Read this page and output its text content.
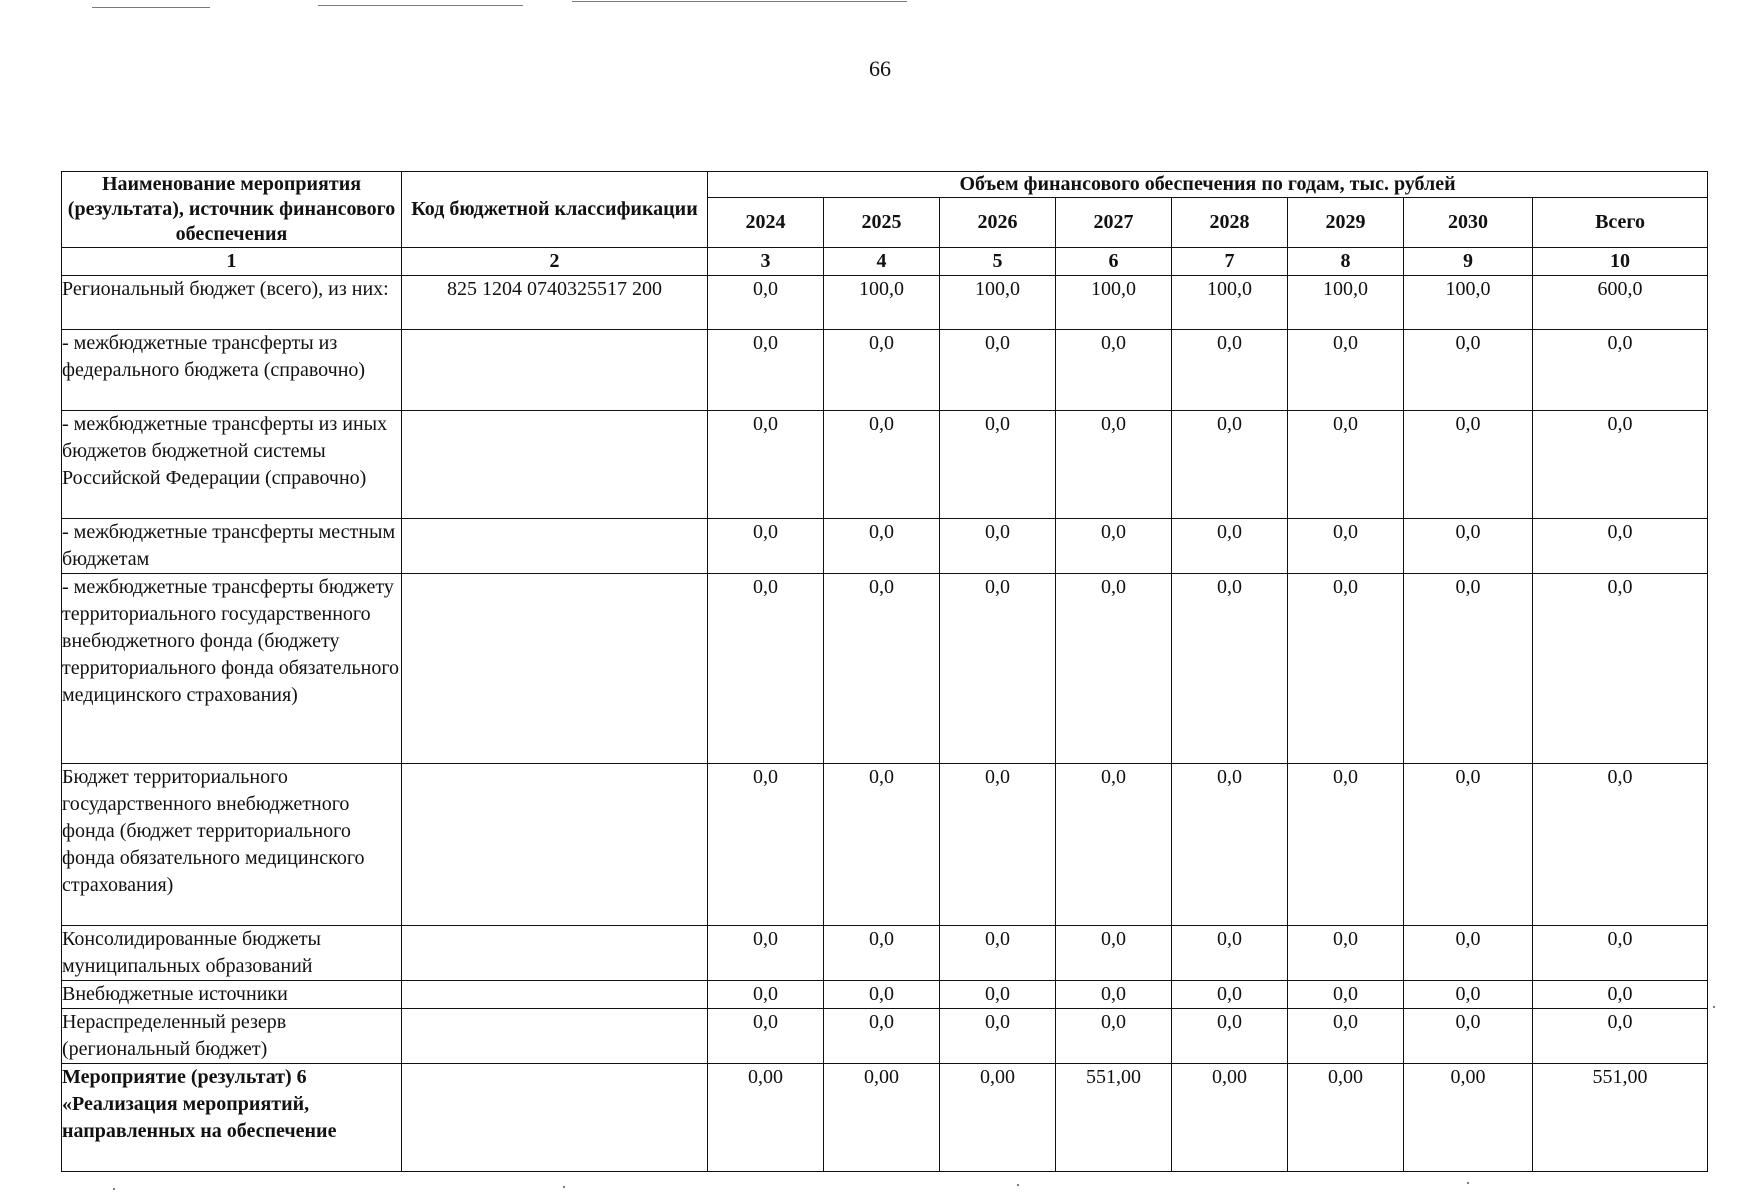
66
Наименование мероприятия (результата), источник финансового обеспечения	Код бюджетной классификации	Объем финансового обеспечения по годам, тыс. рублей							
		2024	2025	2026	2027	2028	2029	2030	Всего
1	2	3	4	5	6	7	8	9	10
Региональный бюджет (всего), из них:	825 1204 0740325517 200	0,0	100,0	100,0	100,0	100,0	100,0	100,0	600,0
- межбюджетные трансферты из федерального бюджета (справочно)		0,0	0,0	0,0	0,0	0,0	0,0	0,0	0,0
- межбюджетные трансферты из иных бюджетов бюджетной системы Российской Федерации (справочно)		0,0	0,0	0,0	0,0	0,0	0,0	0,0	0,0
- межбюджетные трансферты местным бюджетам		0,0	0,0	0,0	0,0	0,0	0,0	0,0	0,0
- межбюджетные трансферты бюджету территориального государственного внебюджетного фонда (бюджету территориального фонда обязательного медицинского страхования)		0,0	0,0	0,0	0,0	0,0	0,0	0,0	0,0
Бюджет территориального государственного внебюджетного фонда (бюджет территориального фонда обязательного медицинского страхования)		0,0	0,0	0,0	0,0	0,0	0,0	0,0	0,0
Консолидированные бюджеты муниципальных образований		0,0	0,0	0,0	0,0	0,0	0,0	0,0	0,0
Внебюджетные источники		0,0	0,0	0,0	0,0	0,0	0,0	0,0	0,0
Нераспределенный резерв (региональный бюджет)		0,0	0,0	0,0	0,0	0,0	0,0	0,0	0,0
Мероприятие (результат) 6 «Реализация мероприятий, направленных на обеспечение		0,00	0,00	0,00	551,00	0,00	0,00	0,00	551,00
